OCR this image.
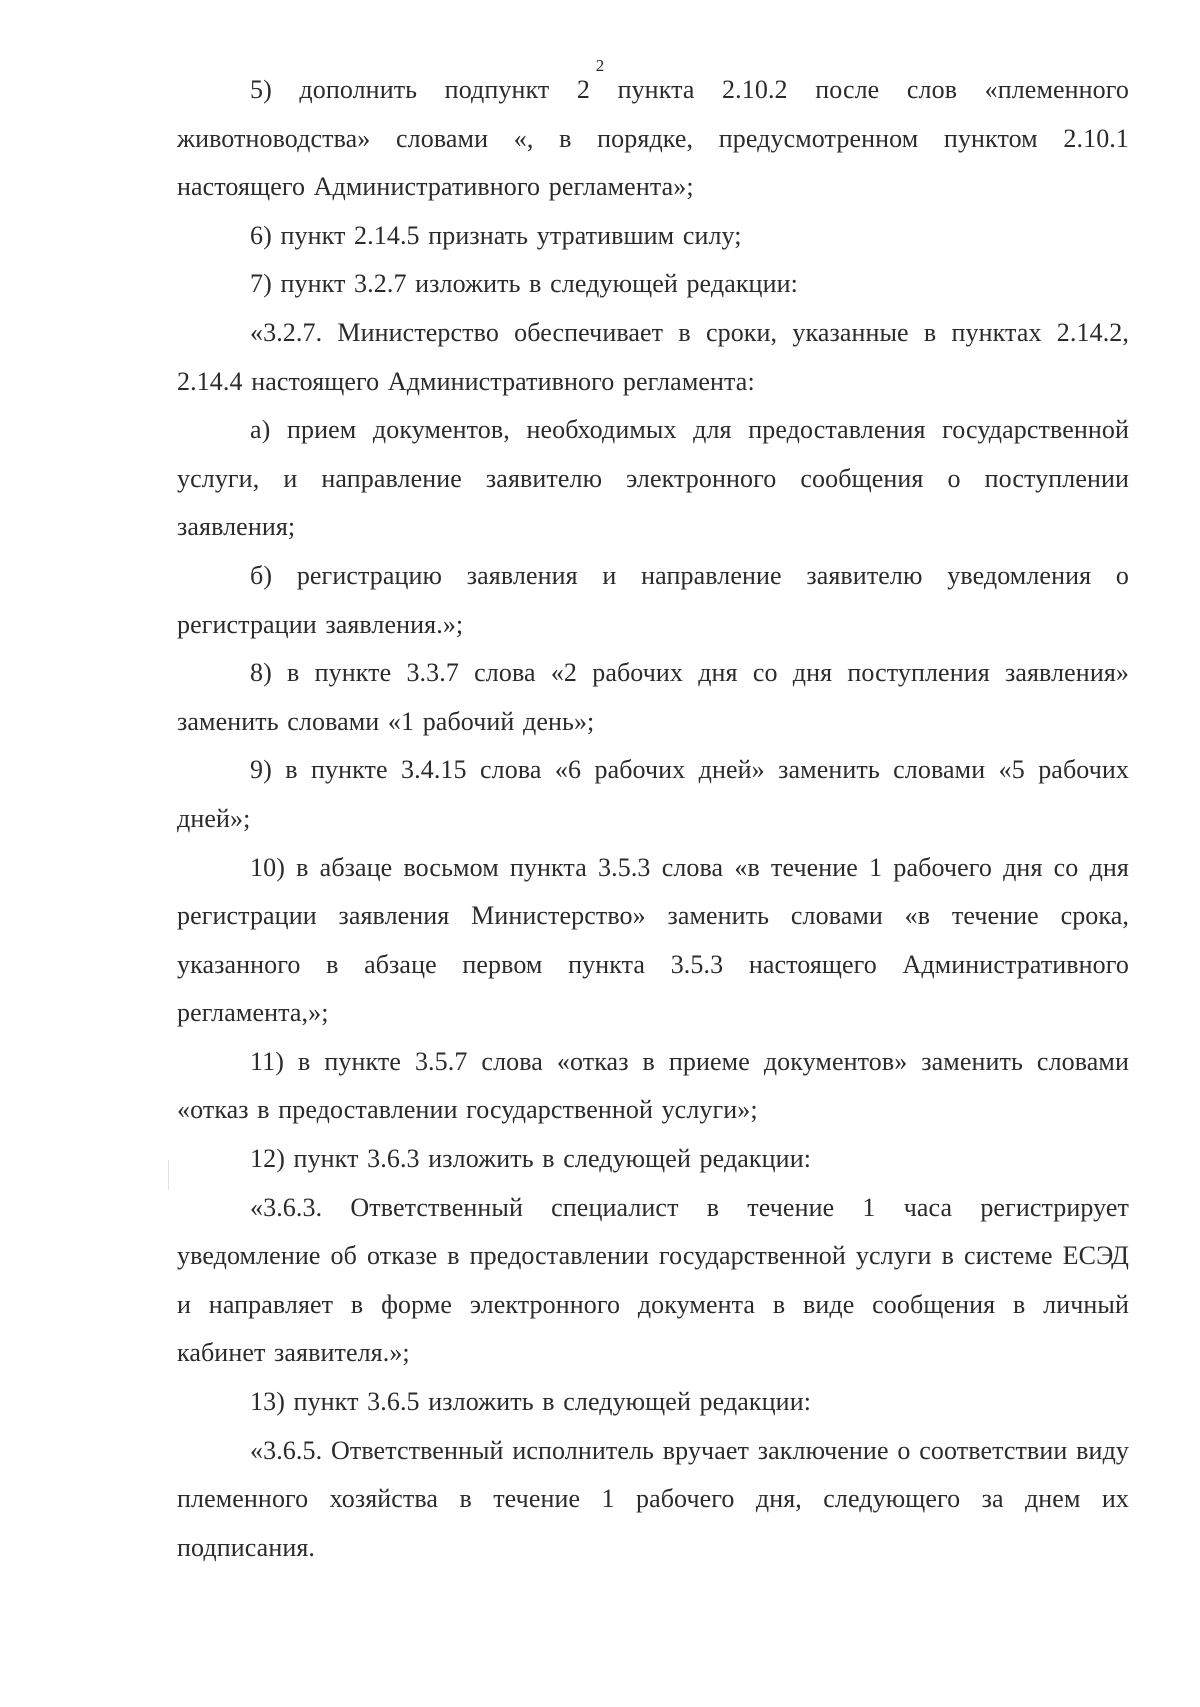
2

5) дополнить подпункт 2 пункта 2.10.2 после слов «племенного животноводства» словами «, в порядке, предусмотренном пунктом 2.10.1 настоящего Административного регламента»;

6) пункт 2.14.5 признать утратившим силу;

7) пункт 3.2.7 изложить в следующей редакции:

«3.2.7. Министерство обеспечивает в сроки, указанные в пунктах 2.14.2, 2.14.4 настоящего Административного регламента:

а) прием документов, необходимых для предоставления государственной услуги, и направление заявителю электронного сообщения о поступлении заявления;

б) регистрацию заявления и направление заявителю уведомления о регистрации заявления.»;

8) в пункте 3.3.7 слова «2 рабочих дня со дня поступления заявления» заменить словами «1 рабочий день»;

9) в пункте 3.4.15 слова «6 рабочих дней» заменить словами «5 рабочих дней»;

10) в абзаце восьмом пункта 3.5.3 слова «в течение 1 рабочего дня со дня регистрации заявления Министерство» заменить словами «в течение срока, указанного в абзаце первом пункта 3.5.3 настоящего Административного регламента,»;

11) в пункте 3.5.7 слова «отказ в приеме документов» заменить словами «отказ в предоставлении государственной услуги»;

12) пункт 3.6.3 изложить в следующей редакции:

«3.6.3. Ответственный специалист в течение 1 часа регистрирует уведомление об отказе в предоставлении государственной услуги в системе ЕСЭД и направляет в форме электронного документа в виде сообщения в личный кабинет заявителя.»;

13) пункт 3.6.5 изложить в следующей редакции:

«3.6.5. Ответственный исполнитель вручает заключение о соответствии виду племенного хозяйства в течение 1 рабочего дня, следующего за днем их подписания.
